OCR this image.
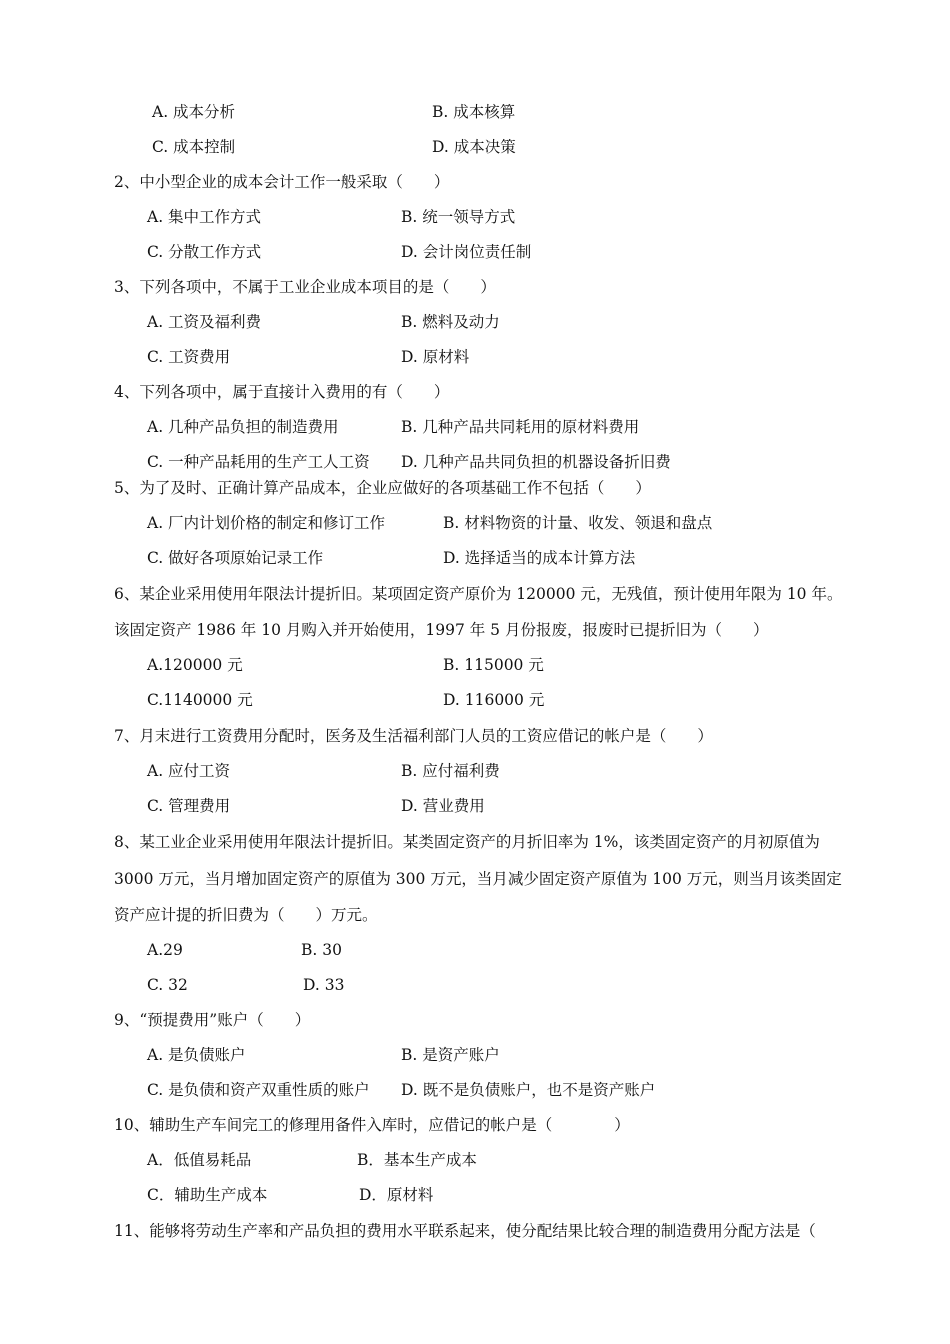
A. 成本分析	B. 成本核算
C. 成本控制	D. 成本决策
2、中小型企业的成本会计工作一般采取（　　）
A. 集中工作方式	B. 统一领导方式
C. 分散工作方式	D. 会计岗位责任制
3、下列各项中，不属于工业企业成本项目的是（　　）
A. 工资及福利费	B. 燃料及动力
C. 工资费用	D. 原材料
4、下列各项中，属于直接计入费用的有（　　）
A. 几种产品负担的制造费用	B. 几种产品共同耗用的原材料费用
C. 一种产品耗用的生产工人工资 D. 几种产品共同负担的机器设备折旧费
5、为了及时、正确计算产品成本，企业应做好的各项基础工作不包括（　　）
A. 厂内计划价格的制定和修订工作	B. 材料物资的计量、收发、领退和盘点
C. 做好各项原始记录工作	D. 选择适当的成本计算方法
6、某企业采用使用年限法计提折旧。某项固定资产原价为 120000 元，无残值，预计使用年限为 10 年。
该固定资产 1986 年 10 月购入并开始使用，1997 年 5 月份报废，报废时已提折旧为（　　）
A.120000 元	B. 115000 元
C.1140000 元	D. 116000 元
7、月末进行工资费用分配时，医务及生活福利部门人员的工资应借记的帐户是（　　）
A. 应付工资	B. 应付福利费
C. 管理费用	D. 营业费用
8、某工业企业采用使用年限法计提折旧。某类固定资产的月折旧率为 1%，该类固定资产的月初原值为
3000 万元，当月增加固定资产的原值为 300 万元，当月减少固定资产原值为 100 万元，则当月该类固定
资产应计提的折旧费为（　　）万元。
A.29	B. 30
C. 32	D. 33
9、“预提费用”账户（　　）
A. 是负债账户	B. 是资产账户
C. 是负债和资产双重性质的账户 D. 既不是负债账户，也不是资产账户
10、辅助生产车间完工的修理用备件入库时，应借记的帐户是（　　　　）
A．低值易耗品	B．基本生产成本
C．辅助生产成本	D．原材料
11、能够将劳动生产率和产品负担的费用水平联系起来，使分配结果比较合理的制造费用分配方法是（
